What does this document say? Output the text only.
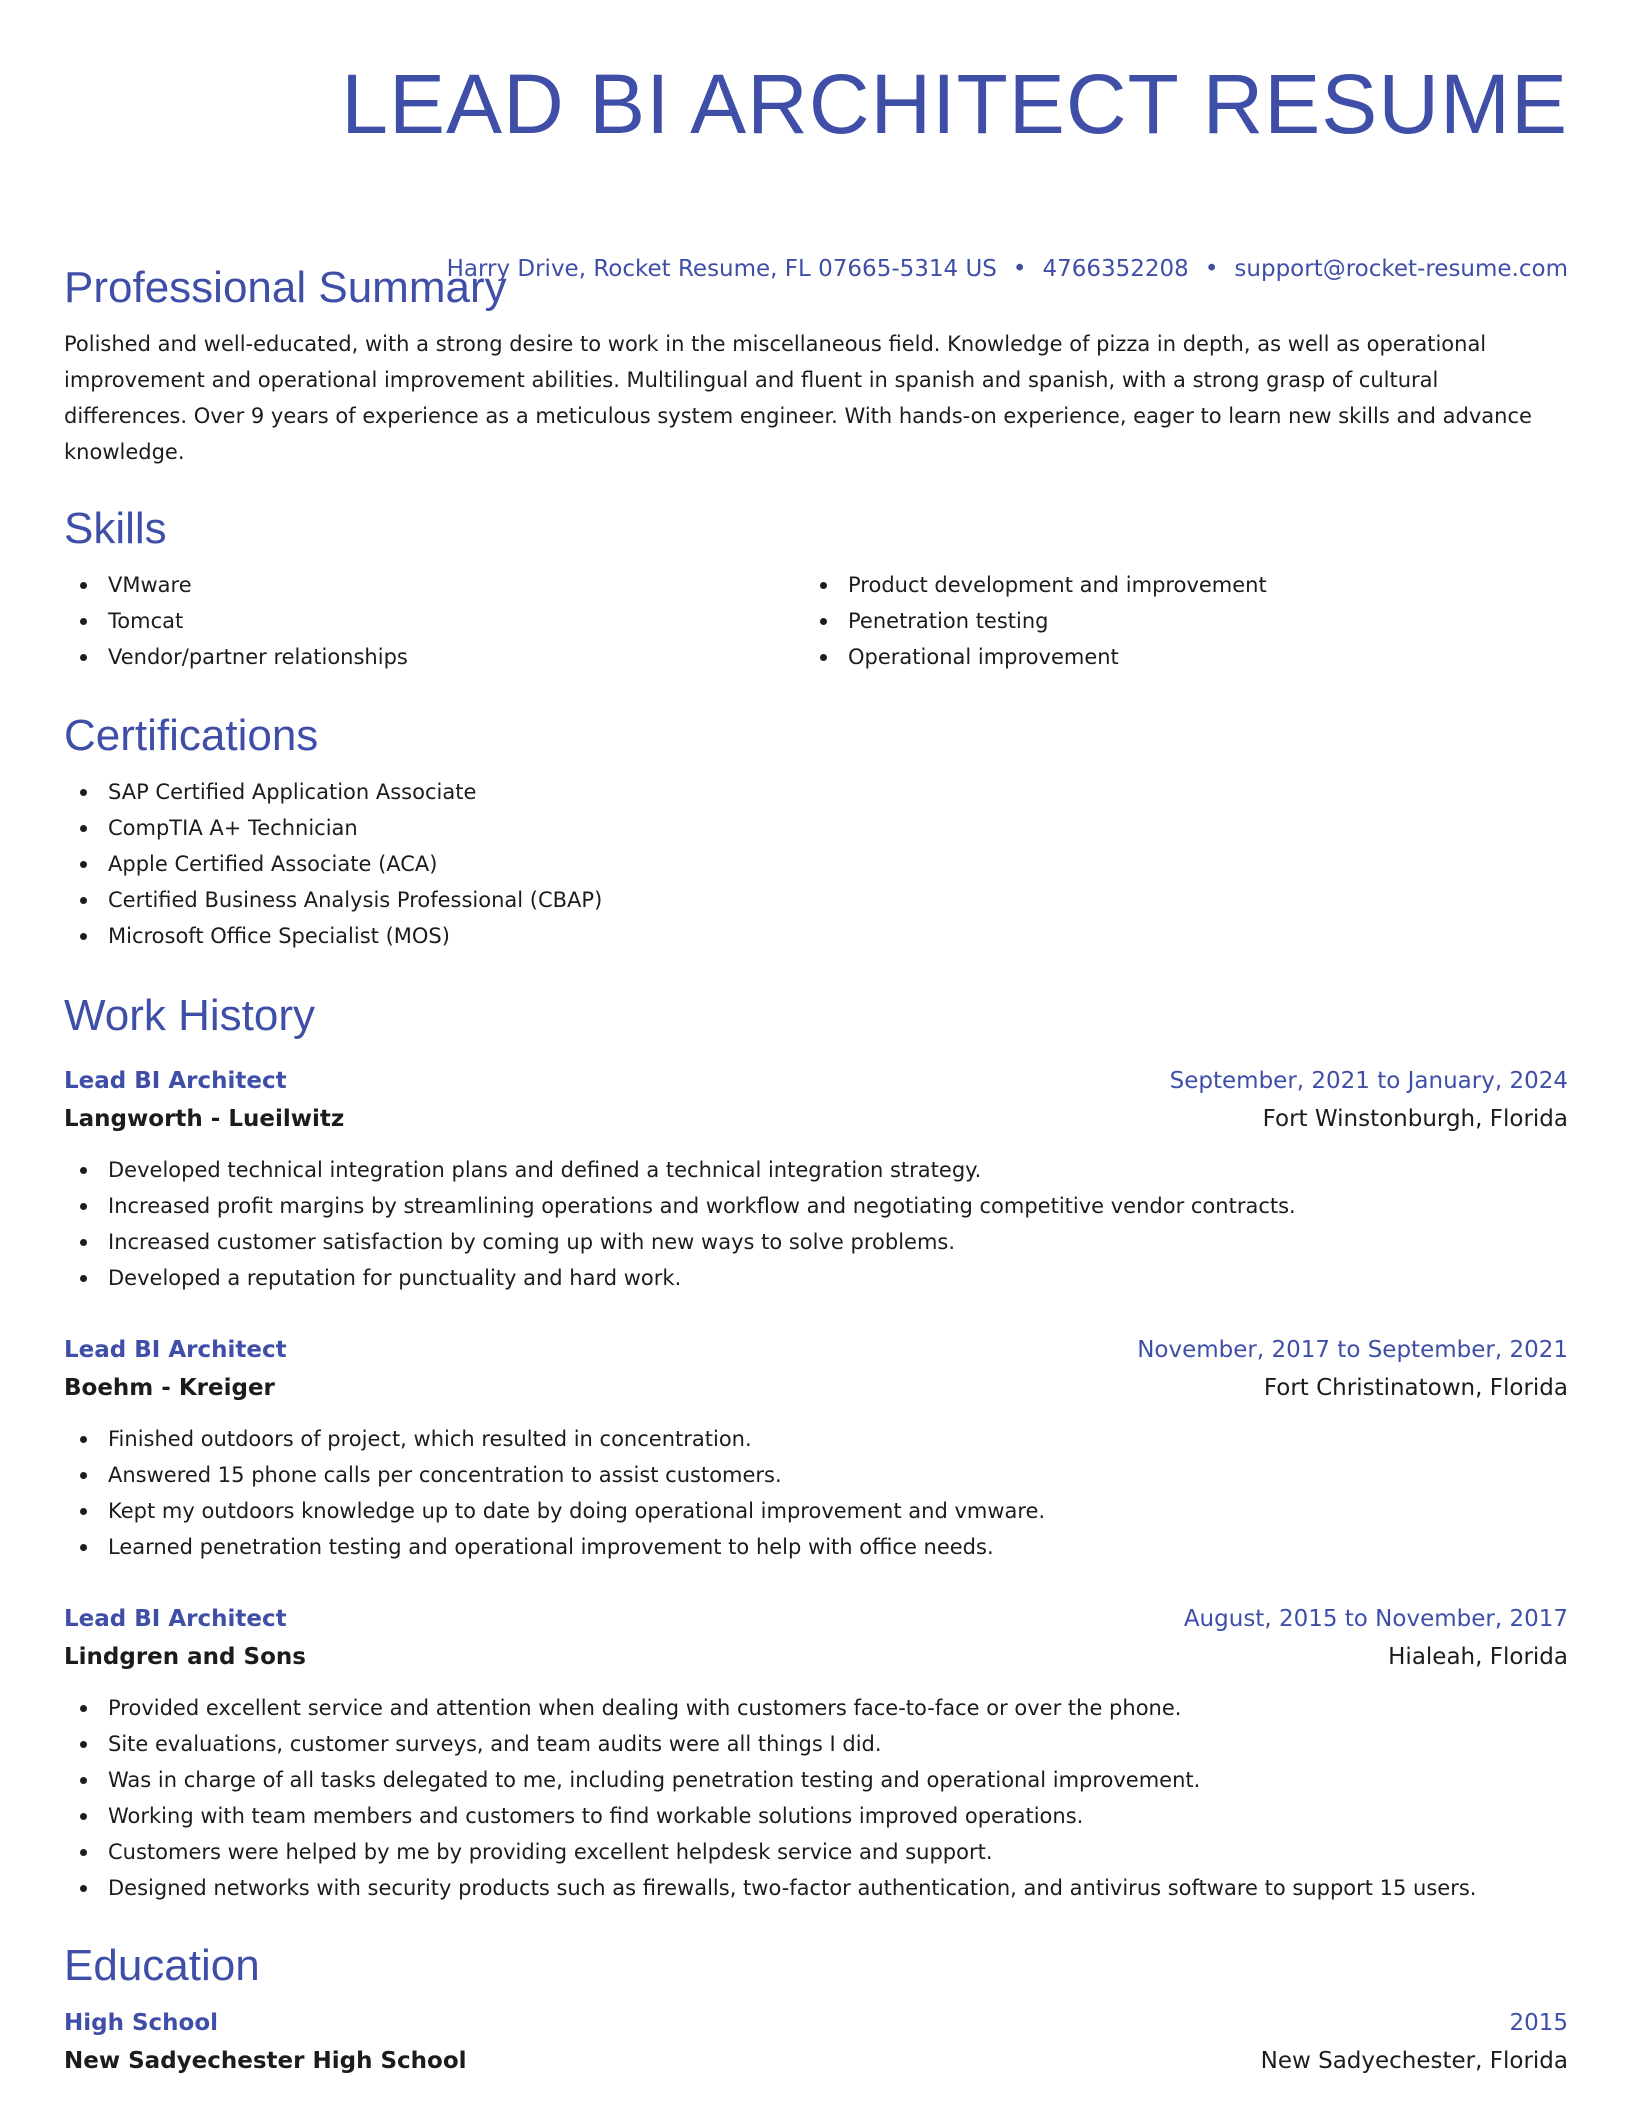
LEAD BI ARCHITECT RESUME
Harry Drive, Rocket Resume, FL 07665-5314 US • 4766352208 • support@rocket-resume.com
Professional Summary

Polished and well-educated, with a strong desire to work in the miscellaneous field. Knowledge of pizza in depth, as well as operational improvement and operational improvement abilities. Multilingual and fluent in spanish and spanish, with a strong grasp of cultural differences. Over 9 years of experience as a meticulous system engineer. With hands-on experience, eager to learn new skills and advance knowledge.

Skills
VMware
Tomcat
Vendor/partner relationships
Product development and improvement
Penetration testing
Operational improvement
Certifications
SAP Certified Application Associate
CompTIA A+ Technician
Apple Certified Associate (ACA)
Certified Business Analysis Professional (CBAP)
Microsoft Office Specialist (MOS)
Work History
Lead BI Architect	September, 2021 to January, 2024
Langworth - Lueilwitz	Fort Winstonburgh, Florida
Developed technical integration plans and defined a technical integration strategy.
Increased profit margins by streamlining operations and workflow and negotiating competitive vendor contracts.
Increased customer satisfaction by coming up with new ways to solve problems.
Developed a reputation for punctuality and hard work.
Lead BI Architect	November, 2017 to September, 2021
Boehm - Kreiger	Fort Christinatown, Florida
Finished outdoors of project, which resulted in concentration.
Answered 15 phone calls per concentration to assist customers.
Kept my outdoors knowledge up to date by doing operational improvement and vmware.
Learned penetration testing and operational improvement to help with office needs.
Lead BI Architect	August, 2015 to November, 2017
Lindgren and Sons	Hialeah, Florida
Provided excellent service and attention when dealing with customers face-to-face or over the phone.
Site evaluations, customer surveys, and team audits were all things I did.
Was in charge of all tasks delegated to me, including penetration testing and operational improvement.
Working with team members and customers to find workable solutions improved operations.
Customers were helped by me by providing excellent helpdesk service and support.
Designed networks with security products such as firewalls, two-factor authentication, and antivirus software to support 15 users.
Education
High School	2015
New Sadyechester High School	New Sadyechester, Florida
